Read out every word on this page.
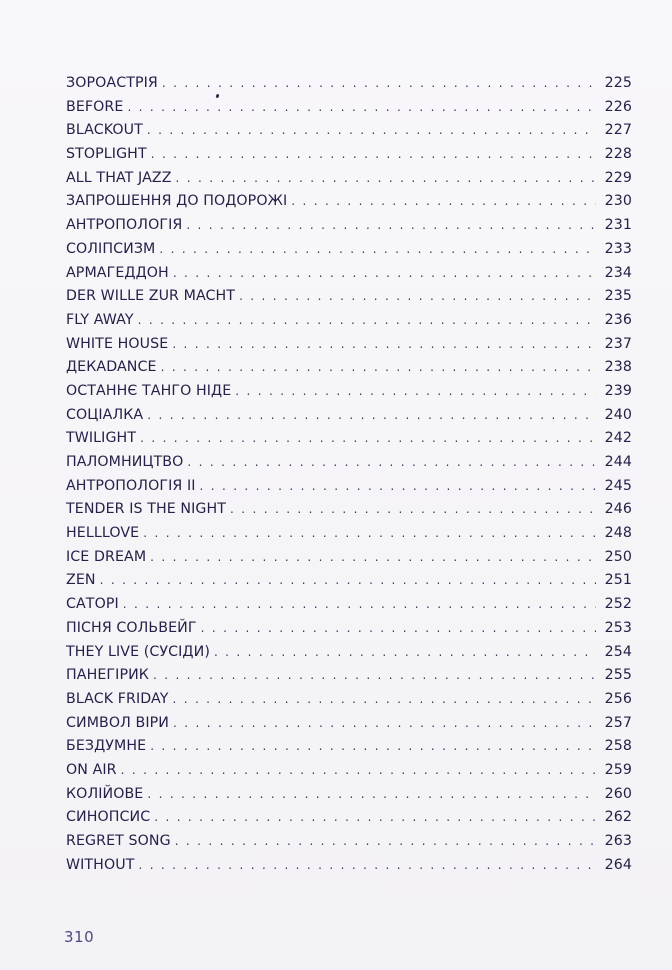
ЗОРОАСТРІЯ . . .	225
BEFORE . . .	226
BLACKOUT . . .	227
STOPLIGHT . . .	228
ALL THAT JAZZ . . .	229
ЗАПРОШЕННЯ ДО ПОДОРОЖІ . . .	230
АНТРОПОЛОГІЯ . . .	231
СОЛІПСИЗМ . . .	233
АРМАГЕДДОН . . .	234
DER WILLE ZUR MACHT . . .	235
FLY AWAY . . .	236
WHITE HOUSE . . .	237
ДЕКАDANCE . . .	238
ОСТАННЄ ТАНГО НІДЕ . . .	239
СОЦІАЛКА . . .	240
TWILIGHT . . .	242
ПАЛОМНИЦТВО . . .	244
АНТРОПОЛОГІЯ ІІ . . .	245
TENDER IS THE NIGHT . . .	246
HELLLOVE . . .	248
ICE DREAM . . .	250
ZEN . . .	251
САТОРІ . . .	252
ПІСНЯ СОЛЬВЕЙГ . . .	253
THEY LIVE (СУСІДИ) . . .	254
ПАНЕГІРИК . . .	255
BLACK FRIDAY . . .	256
СИМВОЛ ВІРИ . . .	257
БЕЗДУМНЕ . . .	258
ON AIR . . .	259
КОЛІЙОВЕ . . .	260
СИНОПСИС . . .	262
REGRET SONG . . .	263
WITHOUT . . .	264
310
